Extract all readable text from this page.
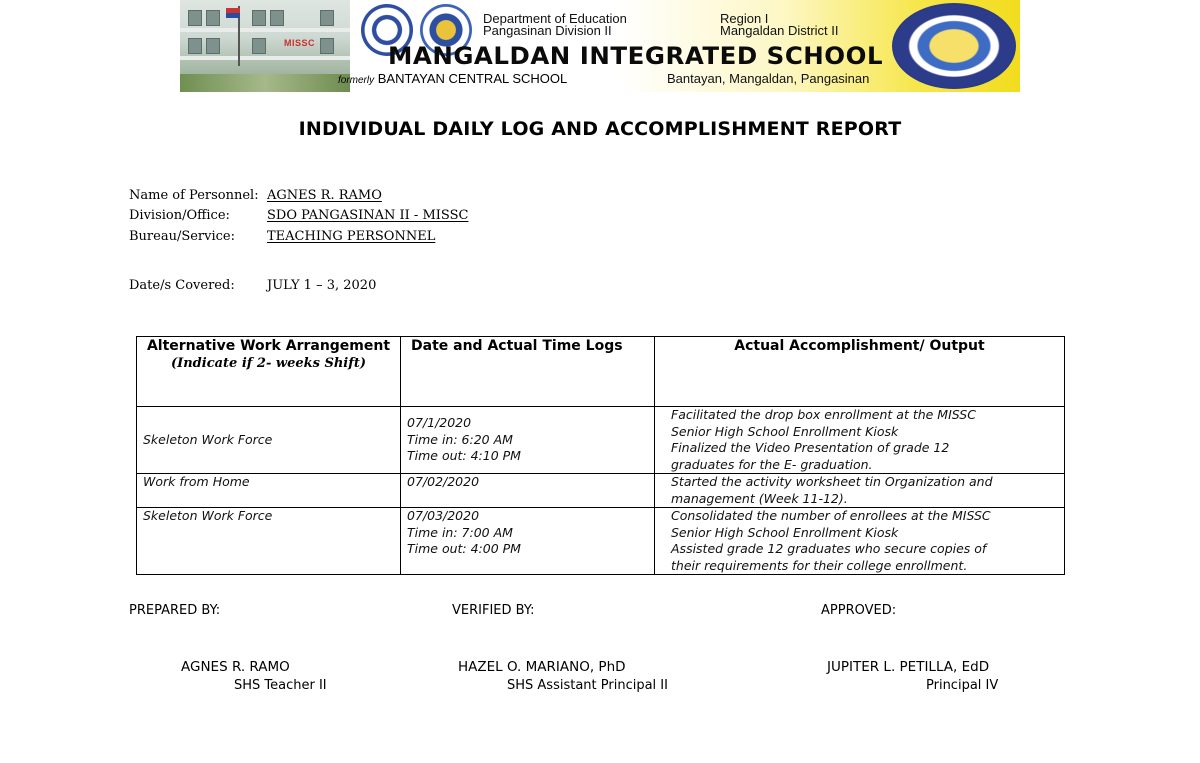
MISSC
Department of Education
Pangasinan Division II
Region I
Mangaldan District II
MANGALDAN INTEGRATED SCHOOL
formerly BANTAYAN CENTRAL SCHOOL	Bantayan, Mangaldan, Pangasinan
INDIVIDUAL DAILY LOG AND ACCOMPLISHMENT REPORT
Name of Personnel: AGNES R. RAMO
Division/Office:	SDO PANGASINAN II - MISSC
Bureau/Service: TEACHING PERSONNEL
Date/s Covered: JULY 1 – 3, 2020
Alternative Work Arrangement
(Indicate if 2- weeks Shift)	Date and Actual Time Logs	Actual Accomplishment/ Output
Skeleton Work Force	07/1/2020
Time in: 6:20 AM
Time out: 4:10 PM	Facilitated the drop box enrollment at the MISSC
Senior High School Enrollment Kiosk
Finalized the Video Presentation of grade 12
graduates for the E- graduation.

Work from Home	07/02/2020	Started the activity worksheet tin Organization and
management (Week 11-12).

Skeleton Work Force	07/03/2020
Time in: 7:00 AM
Time out: 4:00 PM	Consolidated the number of enrollees at the MISSC
Senior High School Enrollment Kiosk
Assisted grade 12 graduates who secure copies of
their requirements for their college enrollment.
PREPARED BY:	VERIFIED BY:	APPROVED:
AGNES R. RAMO	HAZEL O. MARIANO, PhD	JUPITER L. PETILLA, EdD
SHS Teacher II	SHS Assistant Principal II	Principal IV
